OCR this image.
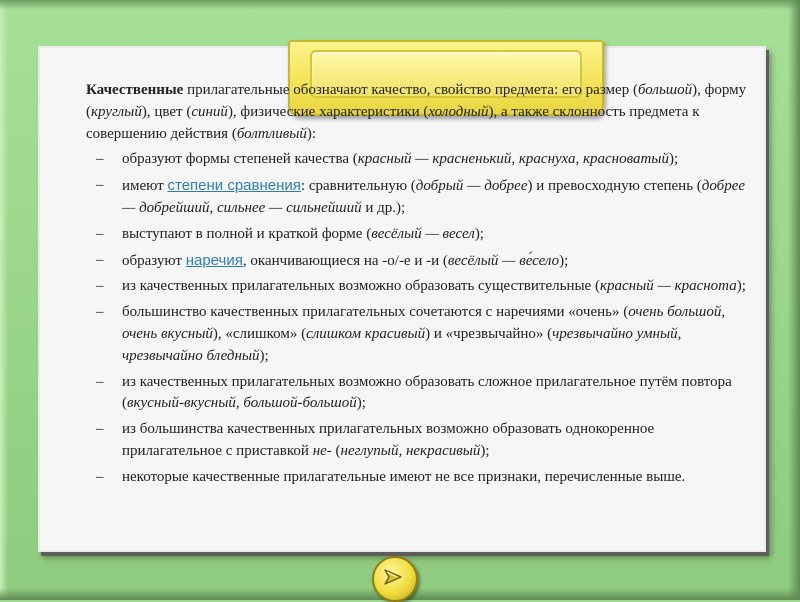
Качественные прилагательные обозначают качество, свойство предмета: его размер (большой), форму (круглый), цвет (синий), физические характеристики (холодный), а также склонность предмета к совершению действия (болтливый):

– образуют формы степеней качества (красный — красненький, краснуха, красноватый);
– имеют степени сравнения: сравнительную (добрый — добрее) и превосходную степень (добрее — добрейший, сильнее — сильнейший и др.);
– выступают в полной и краткой форме (весёлый — весел);
– образуют наречия, оканчивающиеся на -о/-е и -и (весёлый — ве́село);
– из качественных прилагательных возможно образовать существительные (красный — краснота);
– большинство качественных прилагательных сочетаются с наречиями «очень» (очень большой, очень вкусный), «слишком» (слишком красивый) и «чрезвычайно» (чрезвычайно умный, чрезвычайно бледный);
– из качественных прилагательных возможно образовать сложное прилагательное путём повтора (вкусный-вкусный, большой-большой);
– из большинства качественных прилагательных возможно образовать однокоренное прилагательное с приставкой не- (неглупый, некрасивый);
– некоторые качественные прилагательные имеют не все признаки, перечисленные выше.
